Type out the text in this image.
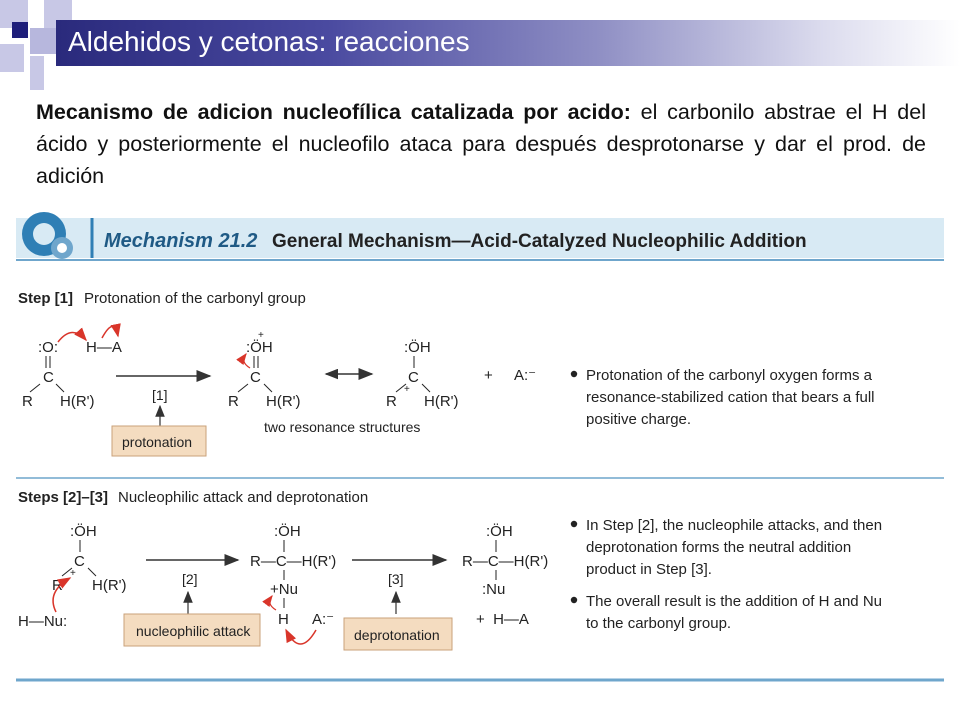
Aldehidos y cetonas: reacciones
Mecanismo de adicion nucleofílica catalizada por acido: el carbonilo abstrae el H del ácido y posteriormente el nucleofilo ataca para después desprotonarse y dar el prod. de adición
Mechanism 21.2 General Mechanism—Acid-Catalyzed Nucleophilic Addition
Step [1] Protonation of the carbonyl group
:O:
C
R H(R')
H—A
[1]
protonation
+
:ÖH
C
R H(R')
two resonance structures
:ÖH
C
+
R H(R')
+ A:⁻	Protonation of the carbonyl oxygen forms a
resonance-stabilized cation that bears a full
positive charge.
Steps [2]–[3] Nucleophilic attack and deprotonation
:ÖH
C
+
R H(R')
H—Nu:
[2]
nucleophilic attack
:ÖH
R—C—H(R')
+Nu
H A:⁻
[3]
deprotonation
:ÖH
R—C—H(R')
:Nu
+  H—A
In Step [2], the nucleophile attacks, and then
deprotonation forms the neutral addition
product in Step [3].
The overall result is the addition of H and Nu
to the carbonyl group.
